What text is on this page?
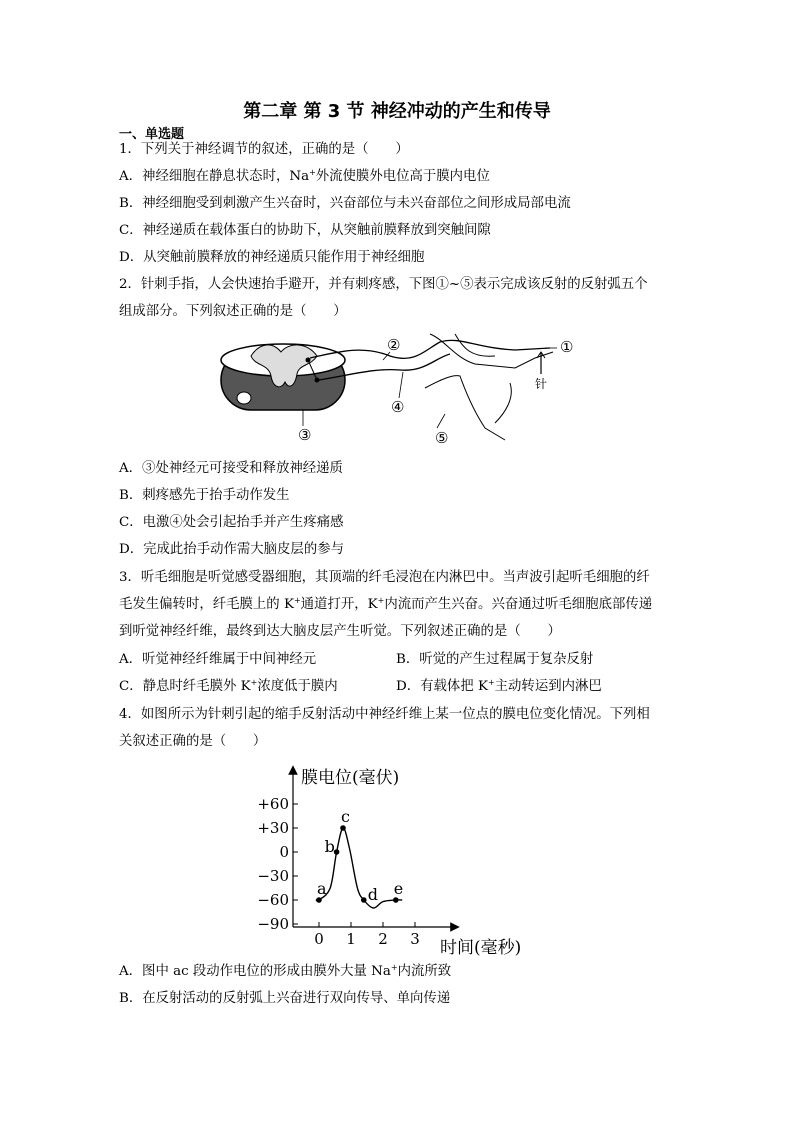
第二章 第 3 节 神经冲动的产生和传导
一、单选题
1．下列关于神经调节的叙述，正确的是（　　）
A．神经细胞在静息状态时，Na+外流使膜外电位高于膜内电位
B．神经细胞受到刺激产生兴奋时，兴奋部位与未兴奋部位之间形成局部电流
C．神经递质在载体蛋白的协助下，从突触前膜释放到突触间隙
D．从突触前膜释放的神经递质只能作用于神经细胞
2．针刺手指，人会快速抬手避开，并有刺疼感，下图①~⑤表示完成该反射的反射弧五个
组成部分。下列叙述正确的是（　　）
针
①
②
③
④
⑤
A．③处神经元可接受和释放神经递质
B．刺疼感先于抬手动作发生
C．电激④处会引起抬手并产生疼痛感
D．完成此抬手动作需大脑皮层的参与
3．听毛细胞是听觉感受器细胞，其顶端的纤毛浸泡在内淋巴中。当声波引起听毛细胞的纤
毛发生偏转时，纤毛膜上的 K+通道打开，K+内流而产生兴奋。兴奋通过听毛细胞底部传递
到听觉神经纤维，最终到达大脑皮层产生听觉。下列叙述正确的是（　　）
A．听觉神经纤维属于中间神经元	B．听觉的产生过程属于复杂反射
C．静息时纤毛膜外 K+浓度低于膜内	D．有载体把 K+主动转运到内淋巴
4．如图所示为针刺引起的缩手反射活动中神经纤维上某一位点的膜电位变化情况。下列相
关叙述正确的是（　　）
膜电位(毫伏)
时间(毫秒)
+60
+30
0
−30
−60
−90
0 1 2 3
a
b
c
d e
A．图中 ac 段动作电位的形成由膜外大量 Na+内流所致
B．在反射活动的反射弧上兴奋进行双向传导、单向传递
